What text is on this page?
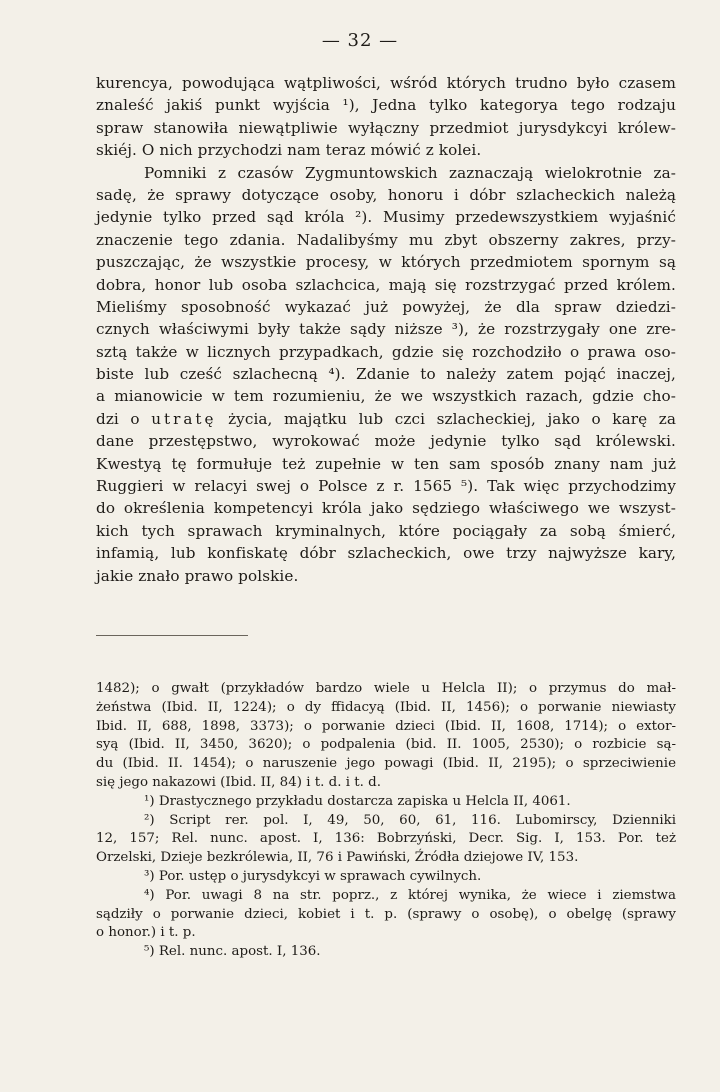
— 32 —
kurencya, powodująca wątpliwości, wśród których trudno było czasem
znaleść jakiś punkt wyjścia ¹), Jedna tylko kategorya tego rodzaju
spraw stanowiła niewątpliwie wyłączny przedmiot jurysdykcyi królew-
skiéj. O nich przychodzi nam teraz mówić z kolei.
Pomniki z czasów Zygmuntowskich zaznaczają wielokrotnie za-
sadę, że sprawy dotyczące osoby, honoru i dóbr szlacheckich należą
jedynie tylko przed sąd króla ²). Musimy przedewszystkiem wyjaśnić
znaczenie tego zdania. Nadalibyśmy mu zbyt obszerny zakres, przy-
puszczając, że wszystkie procesy, w których przedmiotem spornym są
dobra, honor lub osoba szlachcica, mają się rozstrzygać przed królem.
Mieliśmy sposobność wykazać już powyżej, że dla spraw dziedzi-
cznych właściwymi były także sądy niższe ³), że rozstrzygały one zre-
sztą także w licznych przypadkach, gdzie się rozchodziło o prawa oso-
biste lub cześć szlachecną ⁴). Zdanie to należy zatem pojąć inaczej,
a mianowicie w tem rozumieniu, że we wszystkich razach, gdzie cho-
dzi o utratę życia, majątku lub czci szlacheckiej, jako o karę za
dane przestępstwo, wyrokować może jedynie tylko sąd królewski.
Kwestyą tę formułuje też zupełnie w ten sam sposób znany nam już
Ruggieri w relacyi swej o Polsce z r. 1565 ⁵). Tak więc przychodzimy
do określenia kompetencyi króla jako sędziego właściwego we wszyst-
kich tych sprawach kryminalnych, które pociągały za sobą śmierć,
infamią, lub konfiskatę dóbr szlacheckich, owe trzy najwyższe kary,
jakie znało prawo polskie.
1482); o gwałt (przykładów bardzo wiele u Helcla II); o przymus do mał-
żeństwa (Ibid. II, 1224); o dy ffidacyą (Ibid. II, 1456); o porwanie niewiasty
Ibid. II, 688, 1898, 3373); o porwanie dzieci (Ibid. II, 1608, 1714); o extor-
syą (Ibid. II, 3450, 3620); o podpalenia (bid. II. 1005, 2530); o rozbicie są-
du (Ibid. II. 1454); o naruszenie jego powagi (Ibid. II, 2195); o sprzeciwienie
się jego nakazowi (Ibid. II, 84) i t. d. i t. d.
¹) Drastycznego przykładu dostarcza zapiska u Helcla II, 4061.
²) Script rer. pol. I, 49, 50, 60, 61, 116. Lubomirscy, Dzienniki
12, 157; Rel. nunc. apost. I, 136: Bobrzyński, Decr. Sig. I, 153. Por. też
Orzelski, Dzieje bezkrólewia, II, 76 i Pawiński, Źródła dziejowe IV, 153.
³) Por. ustęp o jurysdykcyi w sprawach cywilnych.
⁴) Por. uwagi 8 na str. poprz., z której wynika, że wiece i ziemstwa
sądziły o porwanie dzieci, kobiet i t. p. (sprawy o osobę), o obelgę (sprawy
o honor.) i t. p.
⁵) Rel. nunc. apost. I, 136.
